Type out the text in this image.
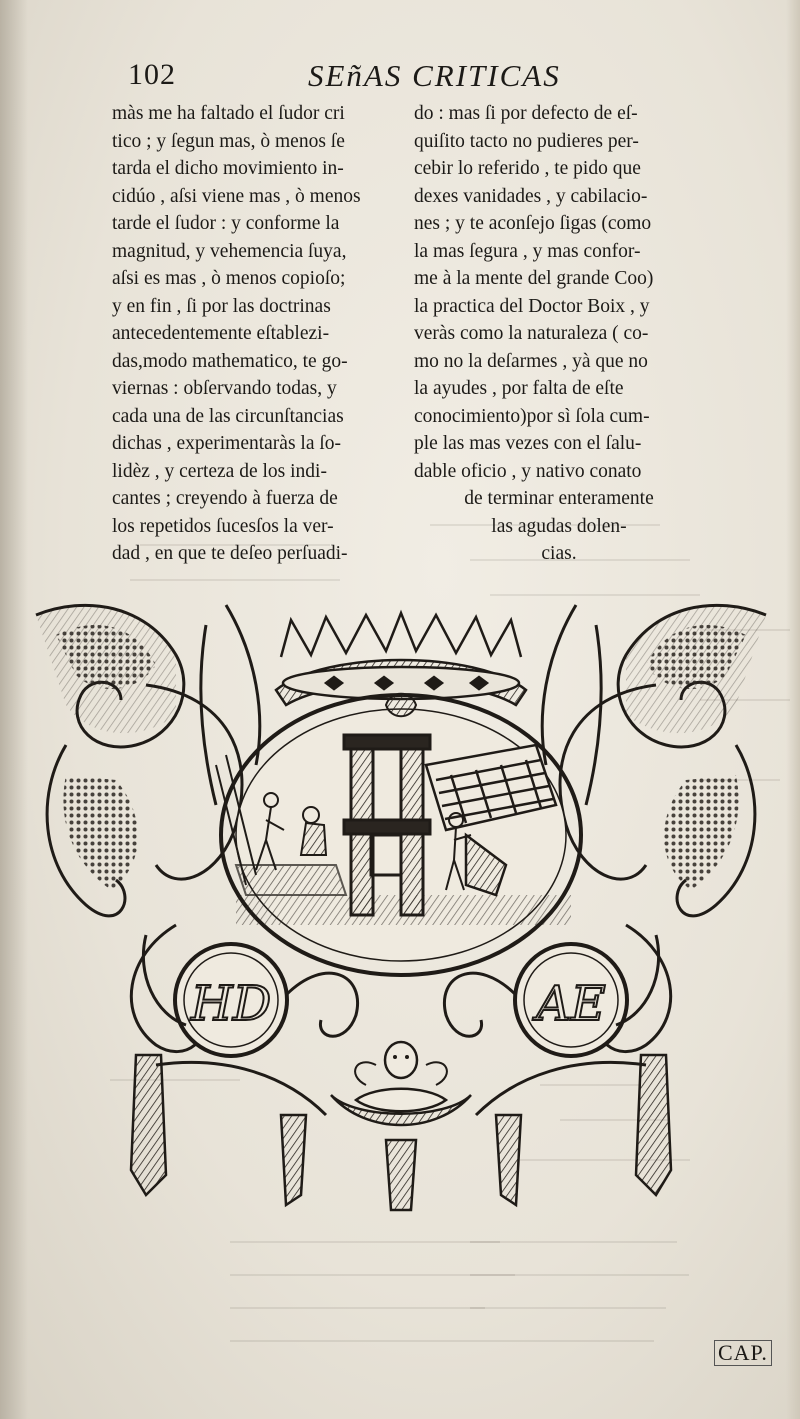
102	SEñAS CRITICAS
màs me ha faltado el ſudor cri
tico ; y ſegun mas, ò menos ſe
tarda el dicho movimiento in-
cidúo , aſsi viene mas , ò menos
tarde el ſudor : y conforme la
magnitud, y vehemencia ſuya,
aſsi es mas , ò menos copioſo;
y en fin , ſi por las doctrinas
antecedentemente eſtablezi-
das,modo mathematico, te go-
viernas : obſervando todas, y
cada una de las circunſtancias
dichas , experimentaràs la ſo-
lidèz , y certeza de los indi-
cantes ; creyendo à fuerza de
los repetidos ſucesſos la ver-
dad , en que te deſeo perſuadi-
do : mas ſi por defecto de eſ-
quiſito tacto no pudieres per-
cebir lo referido , te pido que
dexes vanidades , y cabilacio-
nes ; y te aconſejo ſigas (como
la mas ſegura , y mas confor-
me à la mente del grande Coo)
la practica del Doctor Boix , y
veràs como la naturaleza ( co-
mo no la deſarmes , yà que no
la ayudes , por falta de eſte
conocimiento)por sì ſola cum-
ple las mas vezes con el ſalu-
dable oficio , y nativo conato
de terminar enteramente
las agudas dolen-
cias.
HD	AE
CAP.
